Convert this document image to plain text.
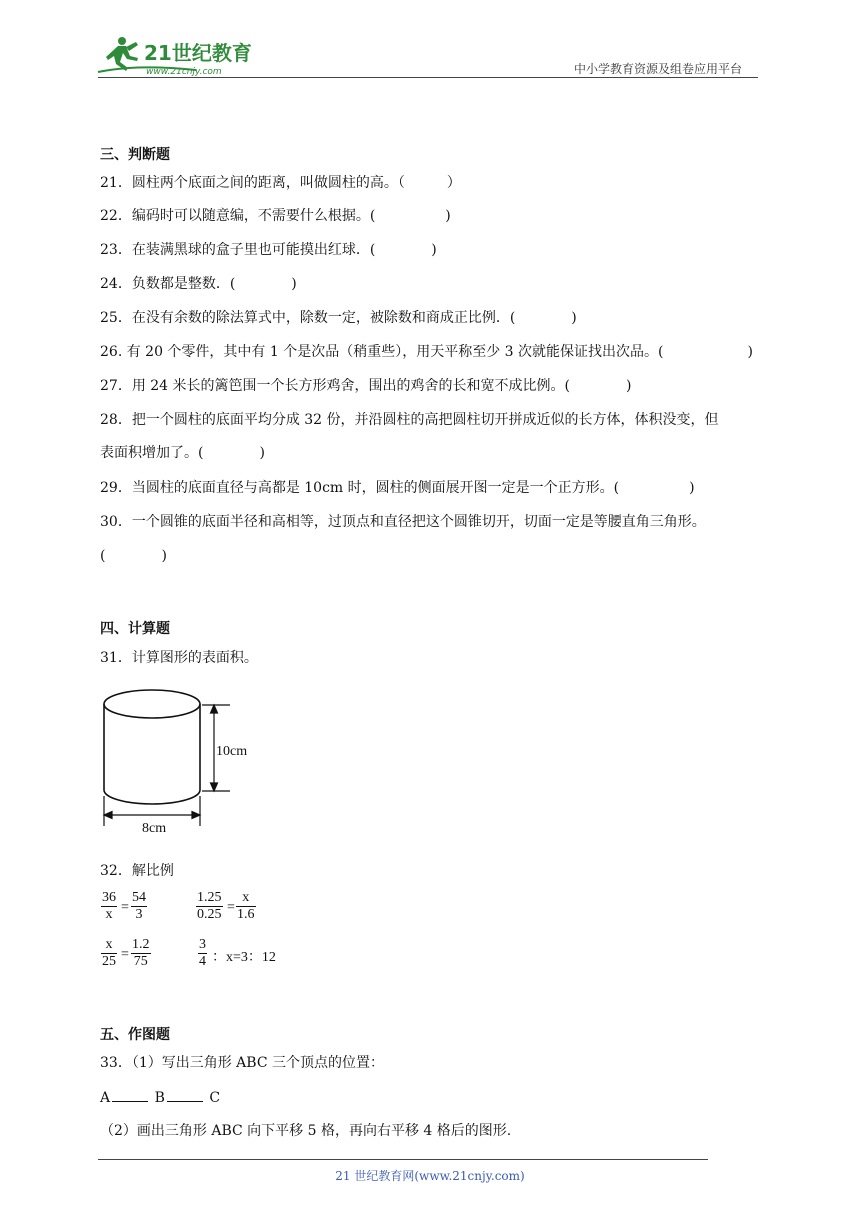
21世纪教育
www.21cnjy.com	中小学教育资源及组卷应用平台
三、判断题
21．圆柱两个底面之间的距离，叫做圆柱的高。（　　　）
22．编码时可以随意编，不需要什么根据。(　　　　　)
23．在装满黑球的盒子里也可能摸出红球．(　　　　)
24．负数都是整数．(　　　　)
25．在没有余数的除法算式中，除数一定，被除数和商成正比例．(　　　　)
26. 有 20 个零件，其中有 1 个是次品（稍重些），用天平称至少 3 次就能保证找出次品。(　　　　　　)
27．用 24 米长的篱笆围一个长方形鸡舍，围出的鸡舍的长和宽不成比例。(　　　　)
28．把一个圆柱的底面平均分成 32 份，并沿圆柱的高把圆柱切开拼成近似的长方体，体积没变，但
表面积增加了。(　　　　)
29．当圆柱的底面直径与高都是 10cm 时，圆柱的侧面展开图一定是一个正方形。(　　　　　)
30．一个圆锥的底面半径和高相等，过顶点和直径把这个圆锥切开，切面一定是等腰直角三角形。
(　　　　)
四、计算题
31．计算图形的表面积。
10cm
8cm
32．解比例
$\frac{36}{x} = \frac{54}{3}$	$\frac{1.25}{0.25} = \frac{x}{1.6}$
$\frac{x}{25} = \frac{1.2}{75}$	$\frac{3}{4}$ ：x=3：12
五、作图题
33．（1）写出三角形 ABC 三个顶点的位置：
A	B	C
（2）画出三角形 ABC 向下平移 5 格，再向右平移 4 格后的图形.
21 世纪教育网(www.21cnjy.com)
